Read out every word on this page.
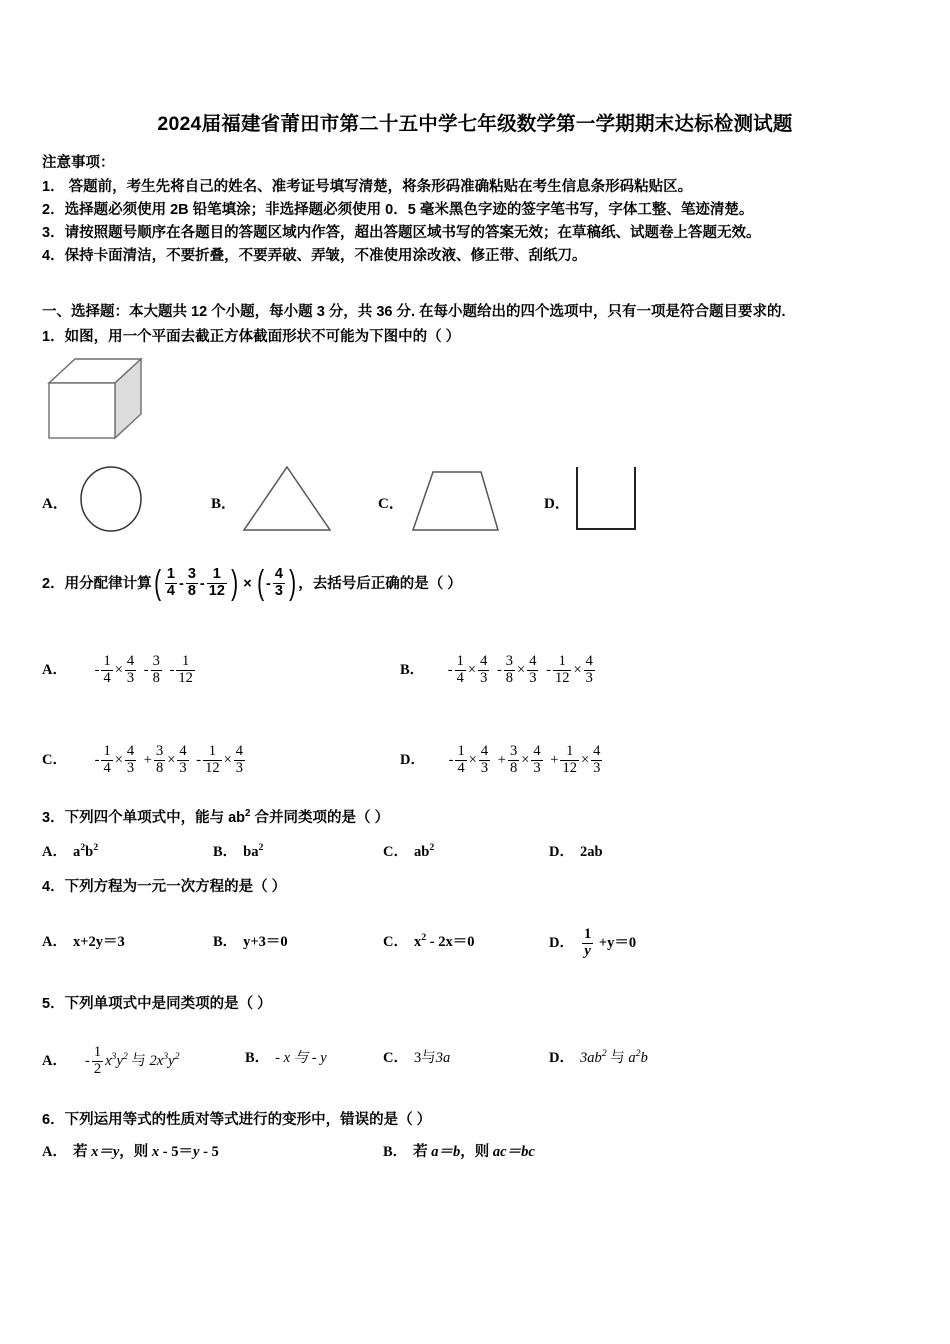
2024届福建省莆田市第二十五中学七年级数学第一学期期末达标检测试题
注意事项：
1． 答题前，考生先将自己的姓名、准考证号填写清楚，将条形码准确粘贴在考生信息条形码粘贴区。
2．选择题必须使用 2B 铅笔填涂；非选择题必须使用 0．5 毫米黑色字迹的签字笔书写，字体工整、笔迹清楚。
3．请按照题号顺序在各题目的答题区域内作答，超出答题区域书写的答案无效；在草稿纸、试题卷上答题无效。
4．保持卡面清洁，不要折叠，不要弄破、弄皱，不准使用涂改液、修正带、刮纸刀。
一、选择题：本大题共 12 个小题，每小题 3 分，共 36 分. 在每小题给出的四个选项中，只有一项是符合题目要求的.
1．如图，用一个平面去截正方体截面形状不可能为下图中的（ ）
A．	B．	C．	D．
2．用分配律计算( $\frac{1}{4} - \frac{3}{8} - \frac{1}{12}$ ) × ( - $\frac{4}{3}$ ) ，去括号后正确的是（ ）
A． - $\frac{1}{4} \times \frac{4}{3} - \frac{3}{8} - \frac{1}{12}$	B． - $\frac{1}{4} \times \frac{4}{3} - \frac{3}{8} \times \frac{4}{3} - \frac{1}{12} \times \frac{4}{3}$
C． - $\frac{1}{4} \times \frac{4}{3} + \frac{3}{8} \times \frac{4}{3} - \frac{1}{12} \times \frac{4}{3}$	D． - $\frac{1}{4} \times \frac{4}{3} + \frac{3}{8} \times \frac{4}{3} + \frac{1}{12} \times \frac{4}{3}$
3．下列四个单项式中，能与 $ab^2$ 合并同类项的是（ ）
A． $a^2b^2$	B． $ba^2$	C． $ab^2$	D． 2ab
4．下列方程为一元一次方程的是（ ）
A． x+2y＝3	B． y+3＝0	C． $x^2 - 2x=0$	D． $\frac{1}{y} +y=0$
5．下列单项式中是同类项的是（ ）
A． - $\frac{1}{2} x^3y^2$ 与 $2x^3y^2$	B． - x 与 - y	C． 3与3a	D． $3ab^2$ 与 $a^2b$
6．下列运用等式的性质对等式进行的变形中，错误的是（ ）
A． 若 x＝y，则 x - 5＝y - 5	B． 若 a＝b，则 ac＝bc
